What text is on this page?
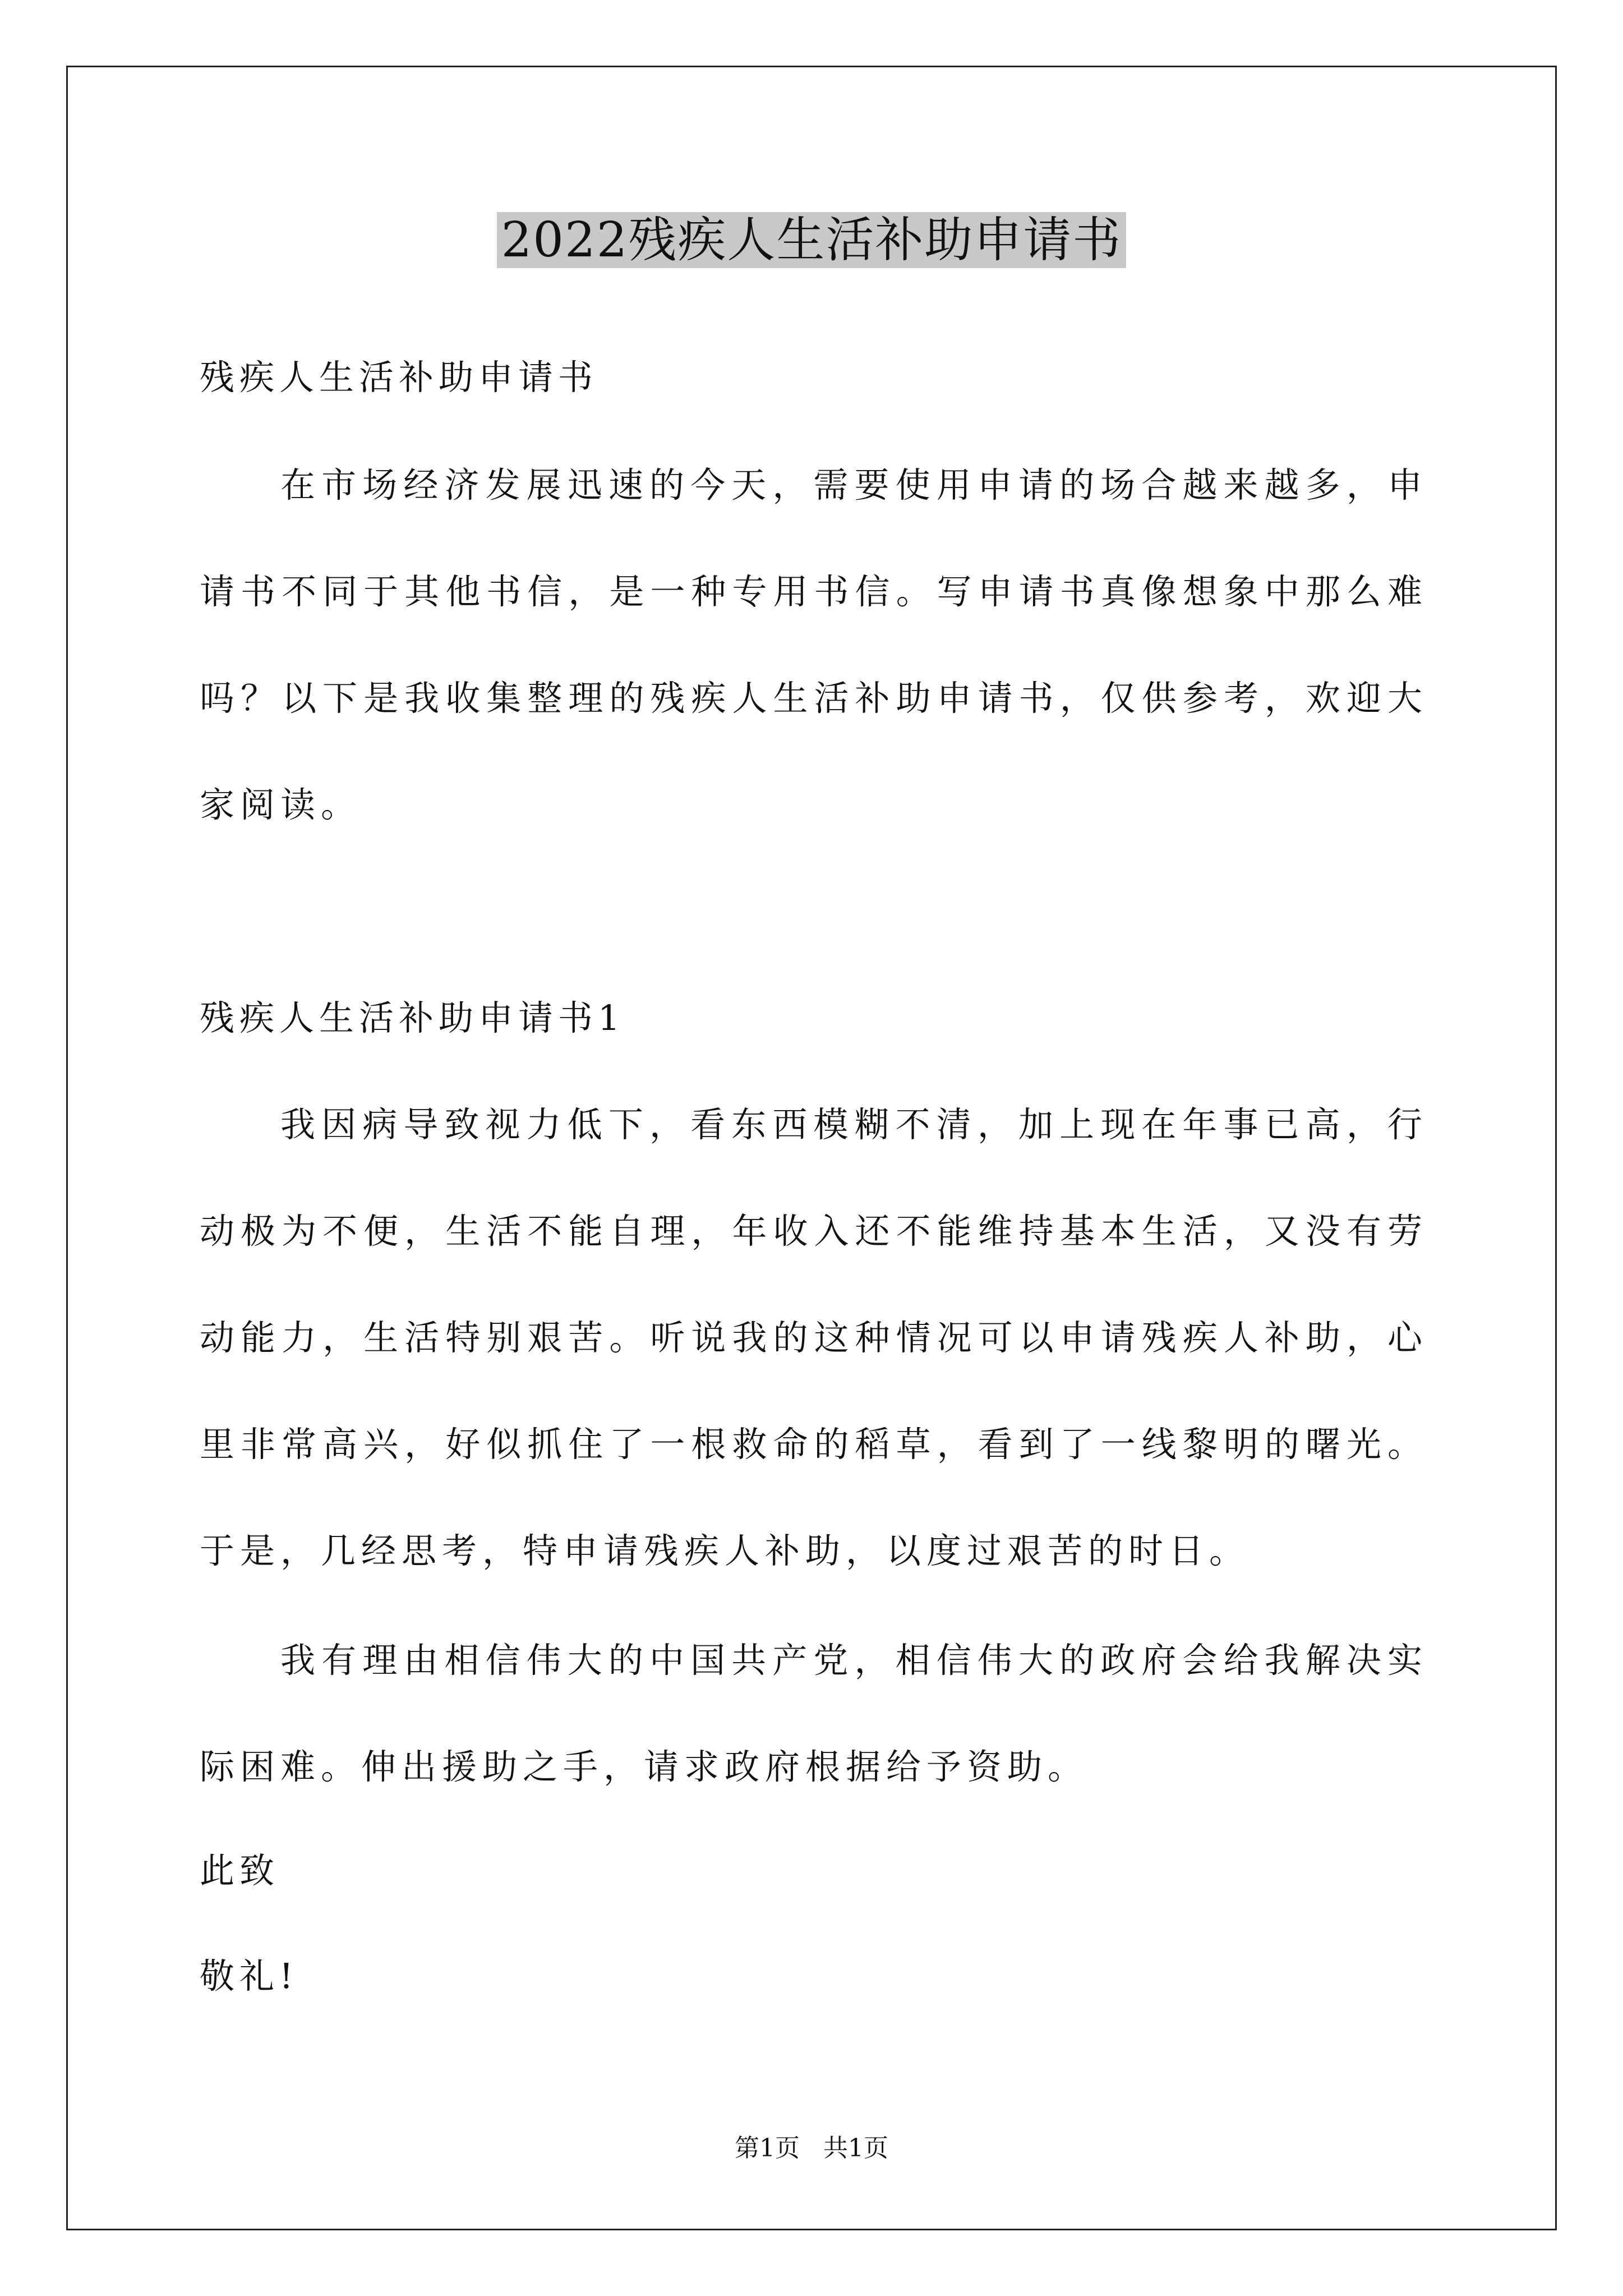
2022残疾人生活补助申请书
残疾人生活补助申请书

在市场经济发展迅速的今天，需要使用申请的场合越来越多，申请书不同于其他书信，是一种专用书信。写申请书真像想象中那么难吗？以下是我收集整理的残疾人生活补助申请书，仅供参考，欢迎大家阅读。

残疾人生活补助申请书1

我因病导致视力低下，看东西模糊不清，加上现在年事已高，行动极为不便，生活不能自理，年收入还不能维持基本生活，又没有劳动能力，生活特别艰苦。听说我的这种情况可以申请残疾人补助，心里非常高兴，好似抓住了一根救命的稻草，看到了一线黎明的曙光。于是，几经思考，特申请残疾人补助，以度过艰苦的时日。

我有理由相信伟大的中国共产党，相信伟大的政府会给我解决实际困难。伸出援助之手，请求政府根据给予资助。

此致
敬礼!
第1页   共1页
